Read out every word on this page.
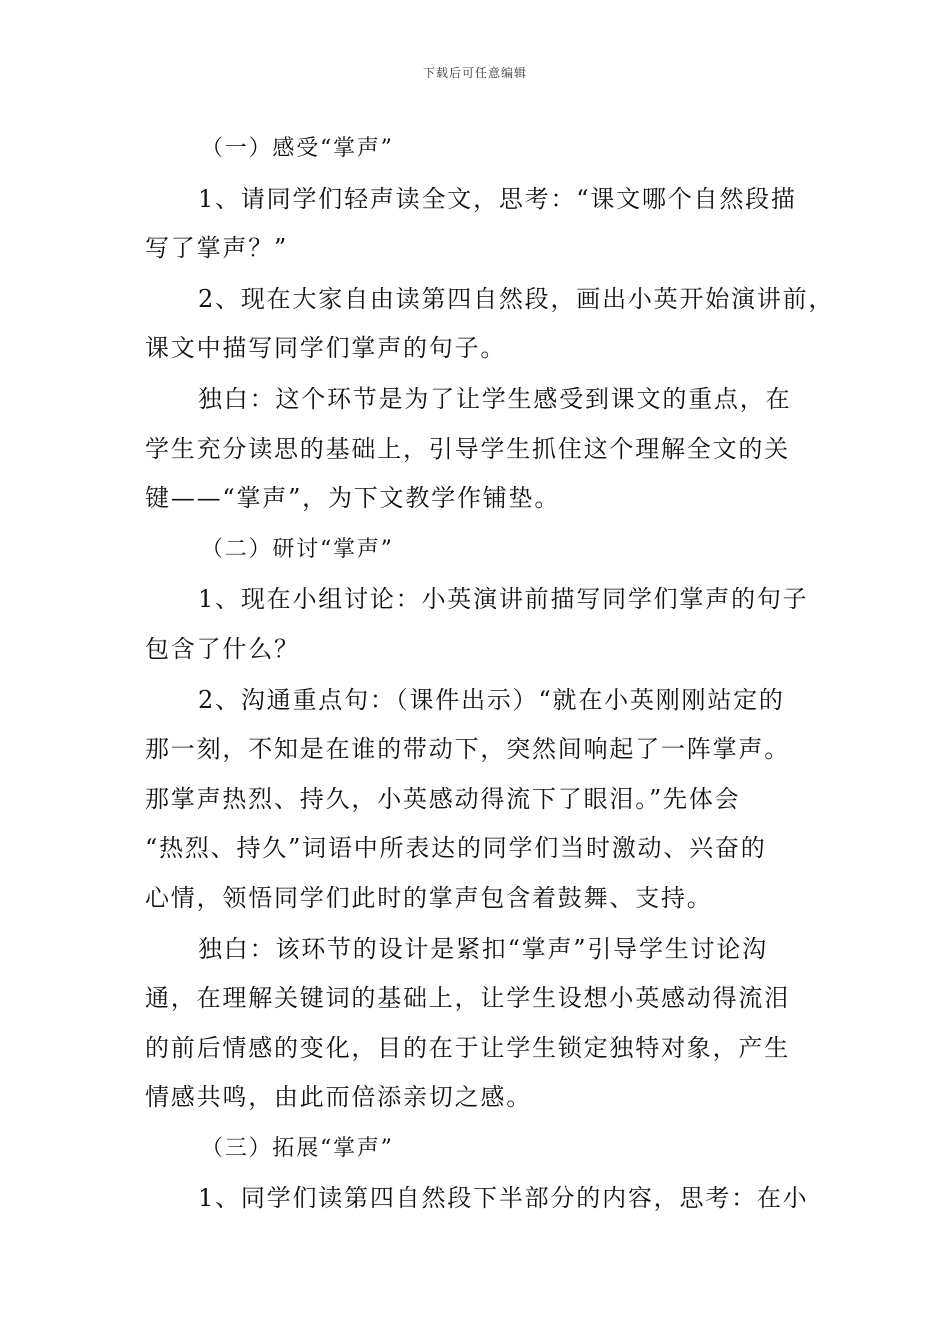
下载后可任意编辑
（一）感受“掌声”
1、请同学们轻声读全文，思考：“课文哪个自然段描
写了掌声？”
2、现在大家自由读第四自然段，画出小英开始演讲前，
课文中描写同学们掌声的句子。
独白：这个环节是为了让学生感受到课文的重点，在
学生充分读思的基础上，引导学生抓住这个理解全文的关
键——“掌声”，为下文教学作铺垫。
（二）研讨“掌声”
1、现在小组讨论：小英演讲前描写同学们掌声的句子
包含了什么？
2、沟通重点句：（课件出示）“就在小英刚刚站定的
那一刻，不知是在谁的带动下，突然间响起了一阵掌声。
那掌声热烈、持久，小英感动得流下了眼泪。”先体会
“热烈、持久”词语中所表达的同学们当时激动、兴奋的
心情，领悟同学们此时的掌声包含着鼓舞、支持。
独白：该环节的设计是紧扣“掌声”引导学生讨论沟
通，在理解关键词的基础上，让学生设想小英感动得流泪
的前后情感的变化，目的在于让学生锁定独特对象，产生
情感共鸣，由此而倍添亲切之感。
（三）拓展“掌声”
1、同学们读第四自然段下半部分的内容，思考：在小
